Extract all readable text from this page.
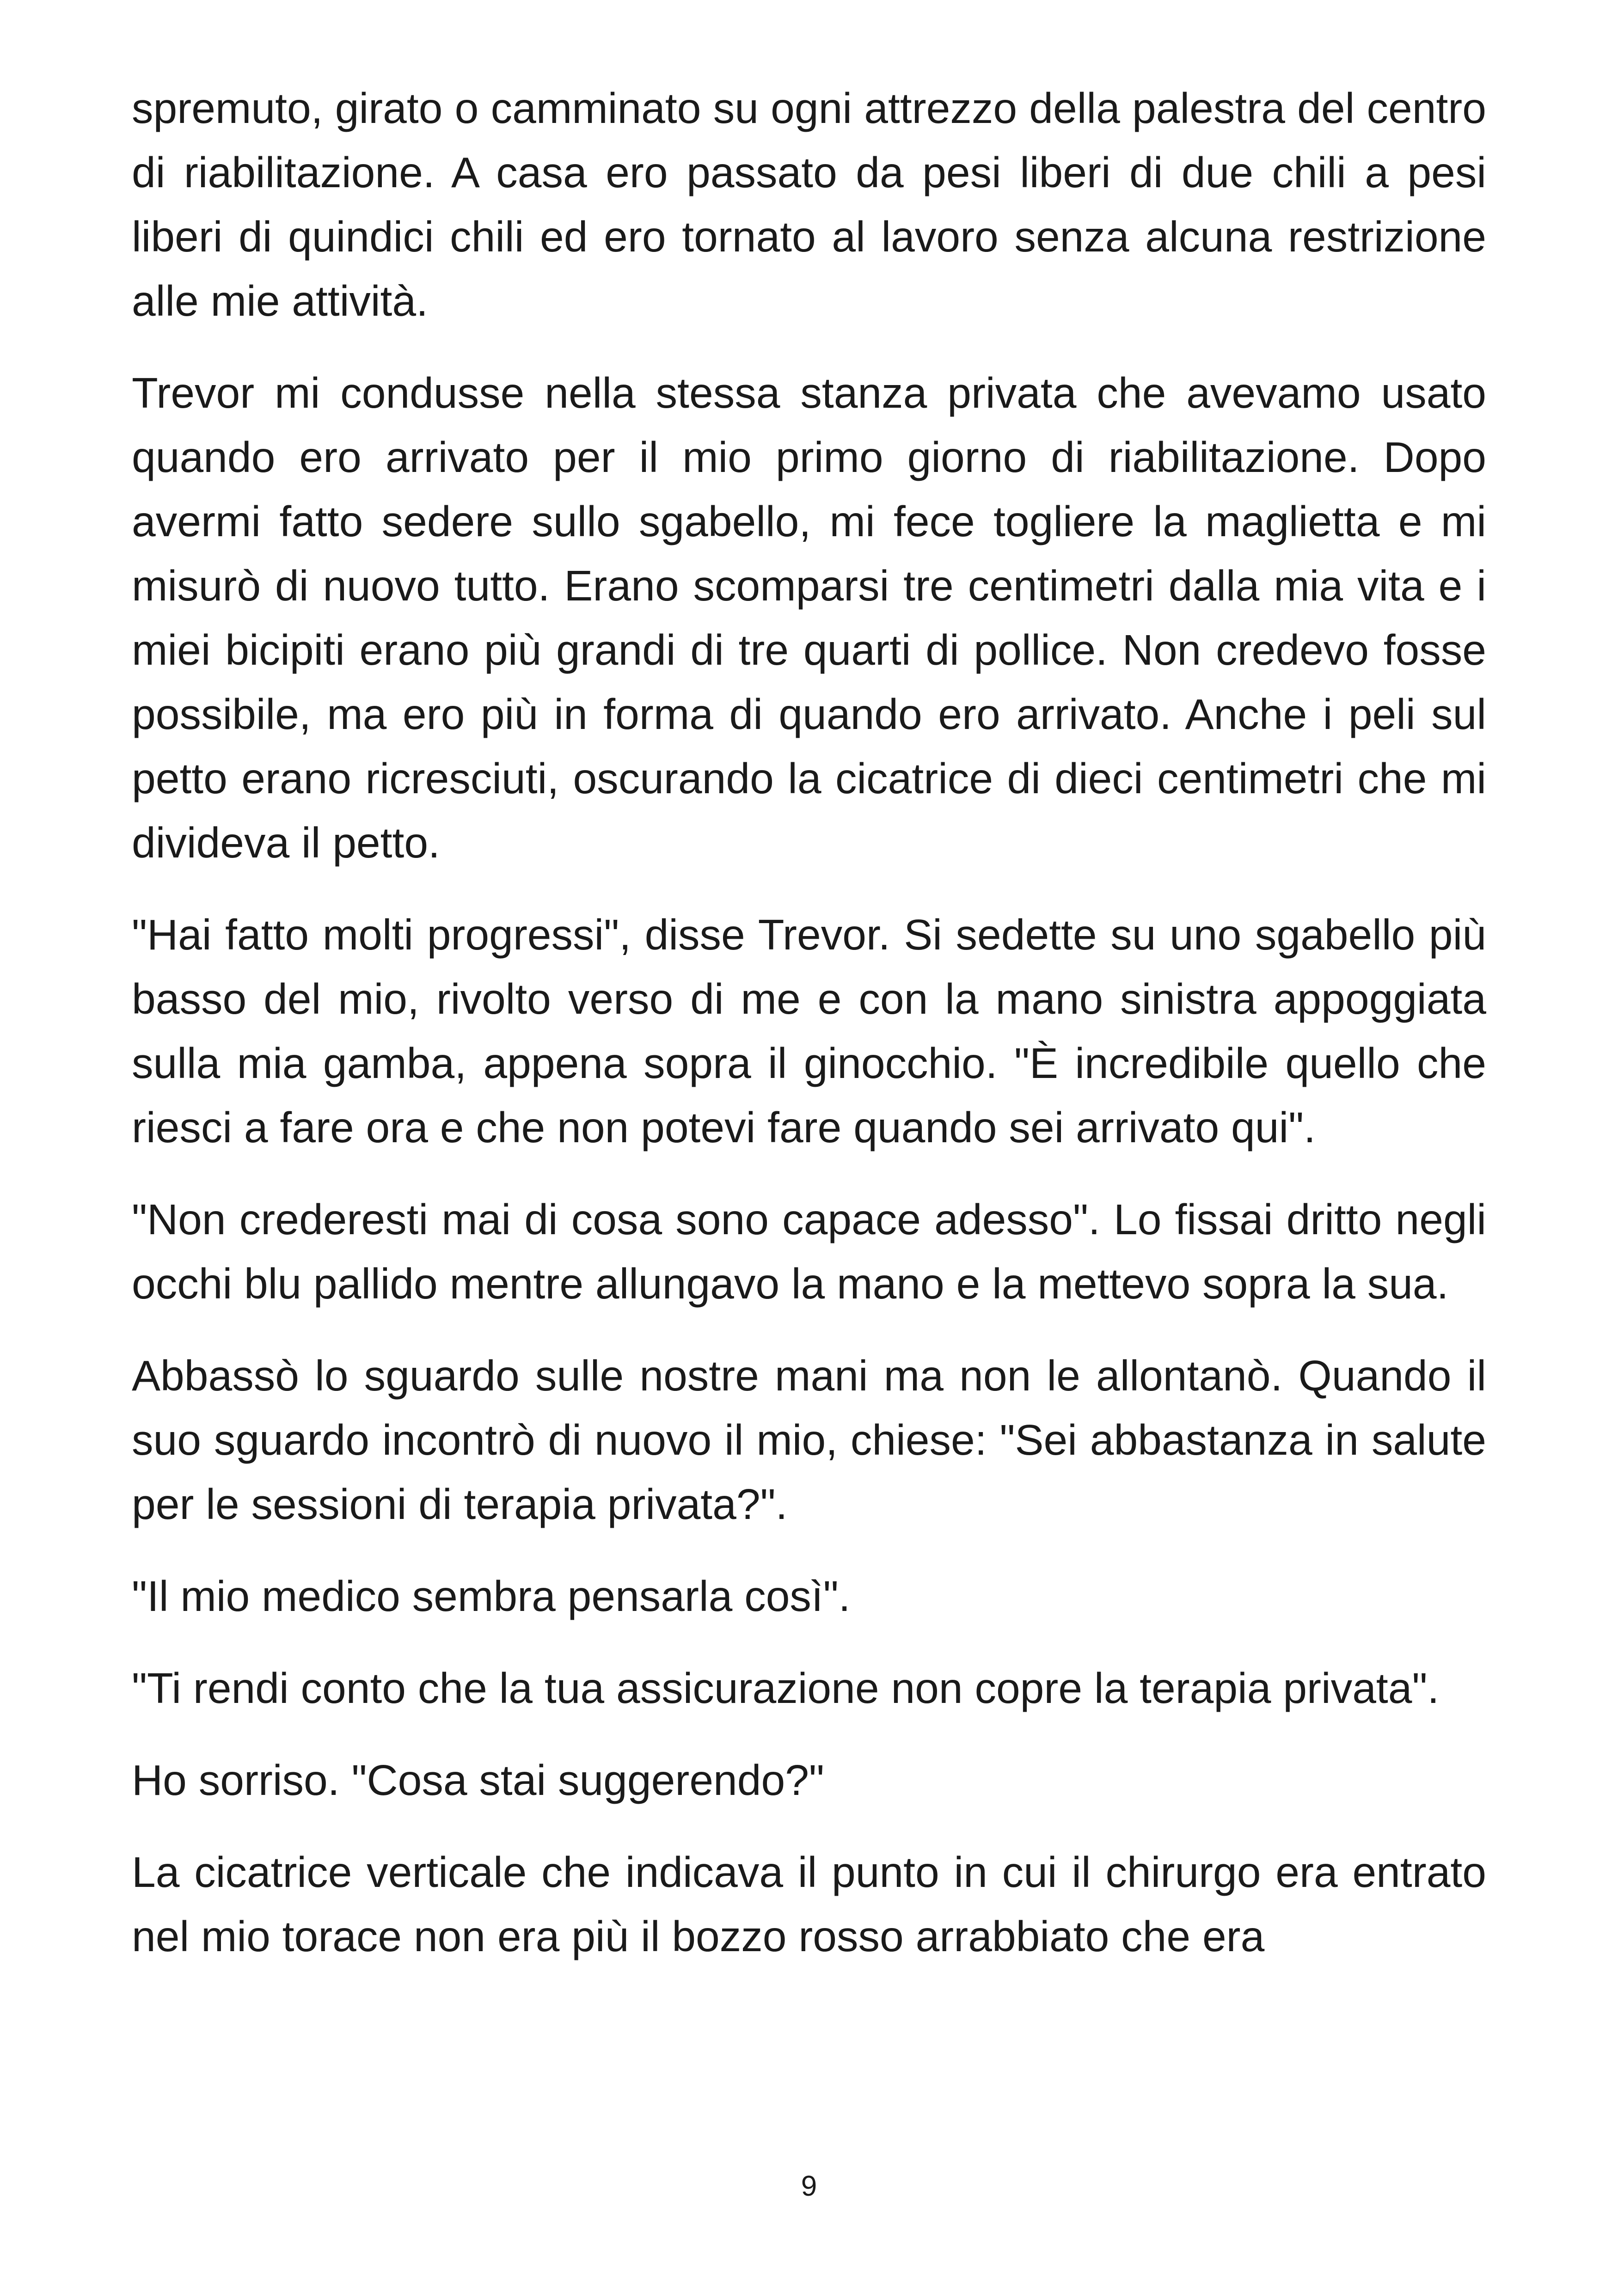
spremuto, girato o camminato su ogni attrezzo della palestra del centro di riabilitazione. A casa ero passato da pesi liberi di due chili a pesi liberi di quindici chili ed ero tornato al lavoro senza alcuna restrizione alle mie attività.

Trevor mi condusse nella stessa stanza privata che avevamo usato quando ero arrivato per il mio primo giorno di riabilitazione. Dopo avermi fatto sedere sullo sgabello, mi fece togliere la maglietta e mi misurò di nuovo tutto. Erano scomparsi tre centimetri dalla mia vita e i miei bicipiti erano più grandi di tre quarti di pollice. Non credevo fosse possibile, ma ero più in forma di quando ero arrivato. Anche i peli sul petto erano ricresciuti, oscurando la cicatrice di dieci centimetri che mi divideva il petto.

"Hai fatto molti progressi", disse Trevor. Si sedette su uno sgabello più basso del mio, rivolto verso di me e con la mano sinistra appoggiata sulla mia gamba, appena sopra il ginocchio. "È incredibile quello che riesci a fare ora e che non potevi fare quando sei arrivato qui".

"Non crederesti mai di cosa sono capace adesso". Lo fissai dritto negli occhi blu pallido mentre allungavo la mano e la mettevo sopra la sua.

Abbassò lo sguardo sulle nostre mani ma non le allontanò. Quando il suo sguardo incontrò di nuovo il mio, chiese: "Sei abbastanza in salute per le sessioni di terapia privata?".

"Il mio medico sembra pensarla così".

"Ti rendi conto che la tua assicurazione non copre la terapia privata".

Ho sorriso. "Cosa stai suggerendo?"

La cicatrice verticale che indicava il punto in cui il chirurgo era entrato nel mio torace non era più il bozzo rosso arrabbiato che era

9
